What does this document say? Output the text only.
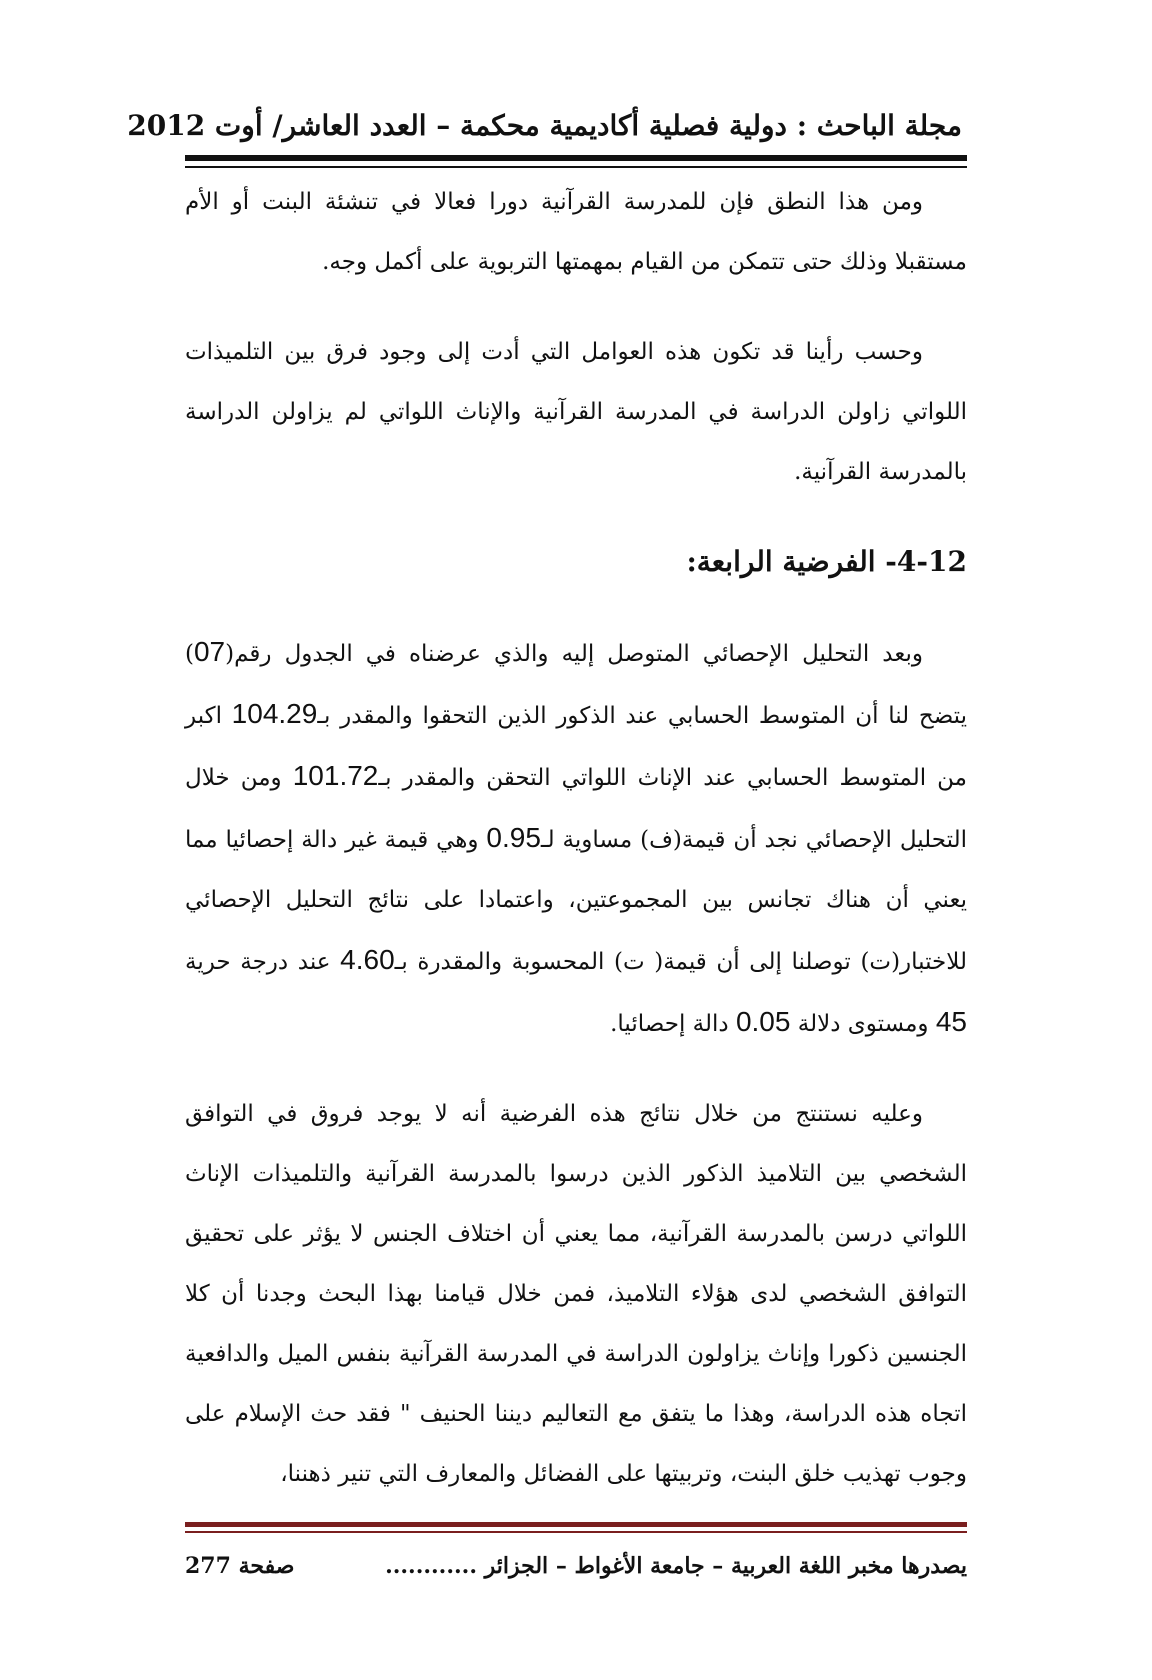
مجلة الباحث : دولية فصلية أكاديمية محكمة – العدد العاشر/ أوت 2012

ومن هذا النطق فإن للمدرسة القرآنية دورا فعالا في تنشئة البنت أو الأم مستقبلا وذلك حتى تتمكن من القيام بمهمتها التربوية على أكمل وجه.

وحسب رأينا قد تكون هذه العوامل التي أدت إلى وجود فرق بين التلميذات اللواتي زاولن الدراسة في المدرسة القرآنية والإناث اللواتي لم يزاولن الدراسة بالمدرسة القرآنية.

4-12- الفرضية الرابعة:

وبعد التحليل الإحصائي المتوصل إليه والذي عرضناه في الجدول رقم(07) يتضح لنا أن المتوسط الحسابي عند الذكور الذين التحقوا والمقدر بـ104.29 اكبر من المتوسط الحسابي عند الإناث اللواتي التحقن والمقدر بـ101.72 ومن خلال التحليل الإحصائي نجد أن قيمة(ف) مساوية لـ0.95 وهي قيمة غير دالة إحصائيا مما يعني أن هناك تجانس بين المجموعتين، واعتمادا على نتائج التحليل الإحصائي للاختبار(ت) توصلنا إلى أن قيمة( ت) المحسوبة والمقدرة بـ4.60 عند درجة حرية 45 ومستوى دلالة 0.05 دالة إحصائيا.

وعليه نستنتج من خلال نتائج هذه الفرضية أنه لا يوجد فروق في التوافق الشخصي بين التلاميذ الذكور الذين درسوا بالمدرسة القرآنية والتلميذات الإناث اللواتي درسن بالمدرسة القرآنية، مما يعني أن اختلاف الجنس لا يؤثر على تحقيق التوافق الشخصي لدى هؤلاء التلاميذ، فمن خلال قيامنا بهذا البحث وجدنا أن كلا الجنسين ذكورا وإناث يزاولون الدراسة في المدرسة القرآنية بنفس الميل والدافعية اتجاه هذه الدراسة، وهذا ما يتفق مع التعاليم ديننا الحنيف " فقد حث الإسلام على وجوب تهذيب خلق البنت، وتربيتها على الفضائل والمعارف التي تنير ذهننا،

يصدرها مخبر اللغة العربية – جامعة الأغواط – الجزائر ............
صفحة 277
